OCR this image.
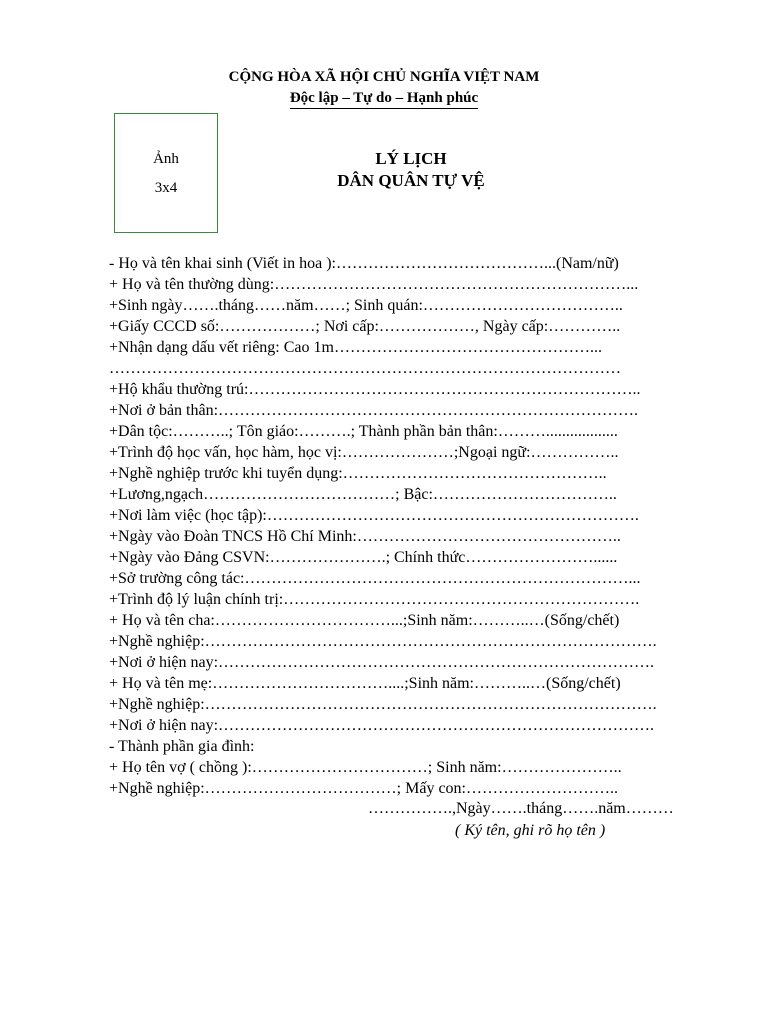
CỘNG HÒA XÃ HỘI CHỦ NGHĨA VIỆT NAM
Độc lập – Tự do – Hạnh phúc
Ảnh
3x4
LÝ LỊCH
DÂN QUÂN TỰ VỆ
- Họ và tên khai sinh (Viết in hoa ):…………………………………...(Nam/nữ)
+ Họ và tên thường dùng:…………………………………………………………...
+Sinh ngày…….tháng……năm……; Sinh quán:………………………………..
+Giấy CCCD số:………………; Nơi cấp:………………, Ngày cấp:…………..
+Nhận dạng dấu vết riêng: Cao 1m…………………………………………...
……………………………………………………………………………………
+Hộ khẩu thường trú:………………………………………………………………..
+Nơi ở bản thân:…………………………………………………………………….
+Dân tộc:………..; Tôn giáo:……….; Thành phần bản thân:………..................
+Trình độ học vấn, học hàm, học vị:…………………;Ngoại ngữ:……………..
+Nghề nghiệp trước khi tuyển dụng:…………………………………………..
+Lương,ngạch………………………………; Bậc:……………………………..
+Nơi làm việc (học tập):…………………………………………………………….
+Ngày vào Đoàn TNCS Hồ Chí Minh:…………………………………………..
+Ngày vào Đảng CSVN:………………….; Chính thức……………………......
+Sở trường công tác:………………………………………………………………...
+Trình độ lý luận chính trị:………………………………………………………….
+ Họ và tên cha:……………………………...;Sinh năm:………..…(Sống/chết)
+Nghề nghiệp:………………………………………………………………………….
+Nơi ở hiện nay:……………………………………………………………………….
+ Họ và tên mẹ:……………………………....;Sinh năm:………..…(Sống/chết)
+Nghề nghiệp:………………………………………………………………………….
+Nơi ở hiện nay:……………………………………………………………………….
- Thành phần gia đình:
+ Họ tên vợ ( chồng ):……………………………; Sinh năm:…………………..
+Nghề nghiệp:………………………………; Mấy con:………………………..
…………….,Ngày…….tháng…….năm………
( Ký tên, ghi rõ họ tên )
